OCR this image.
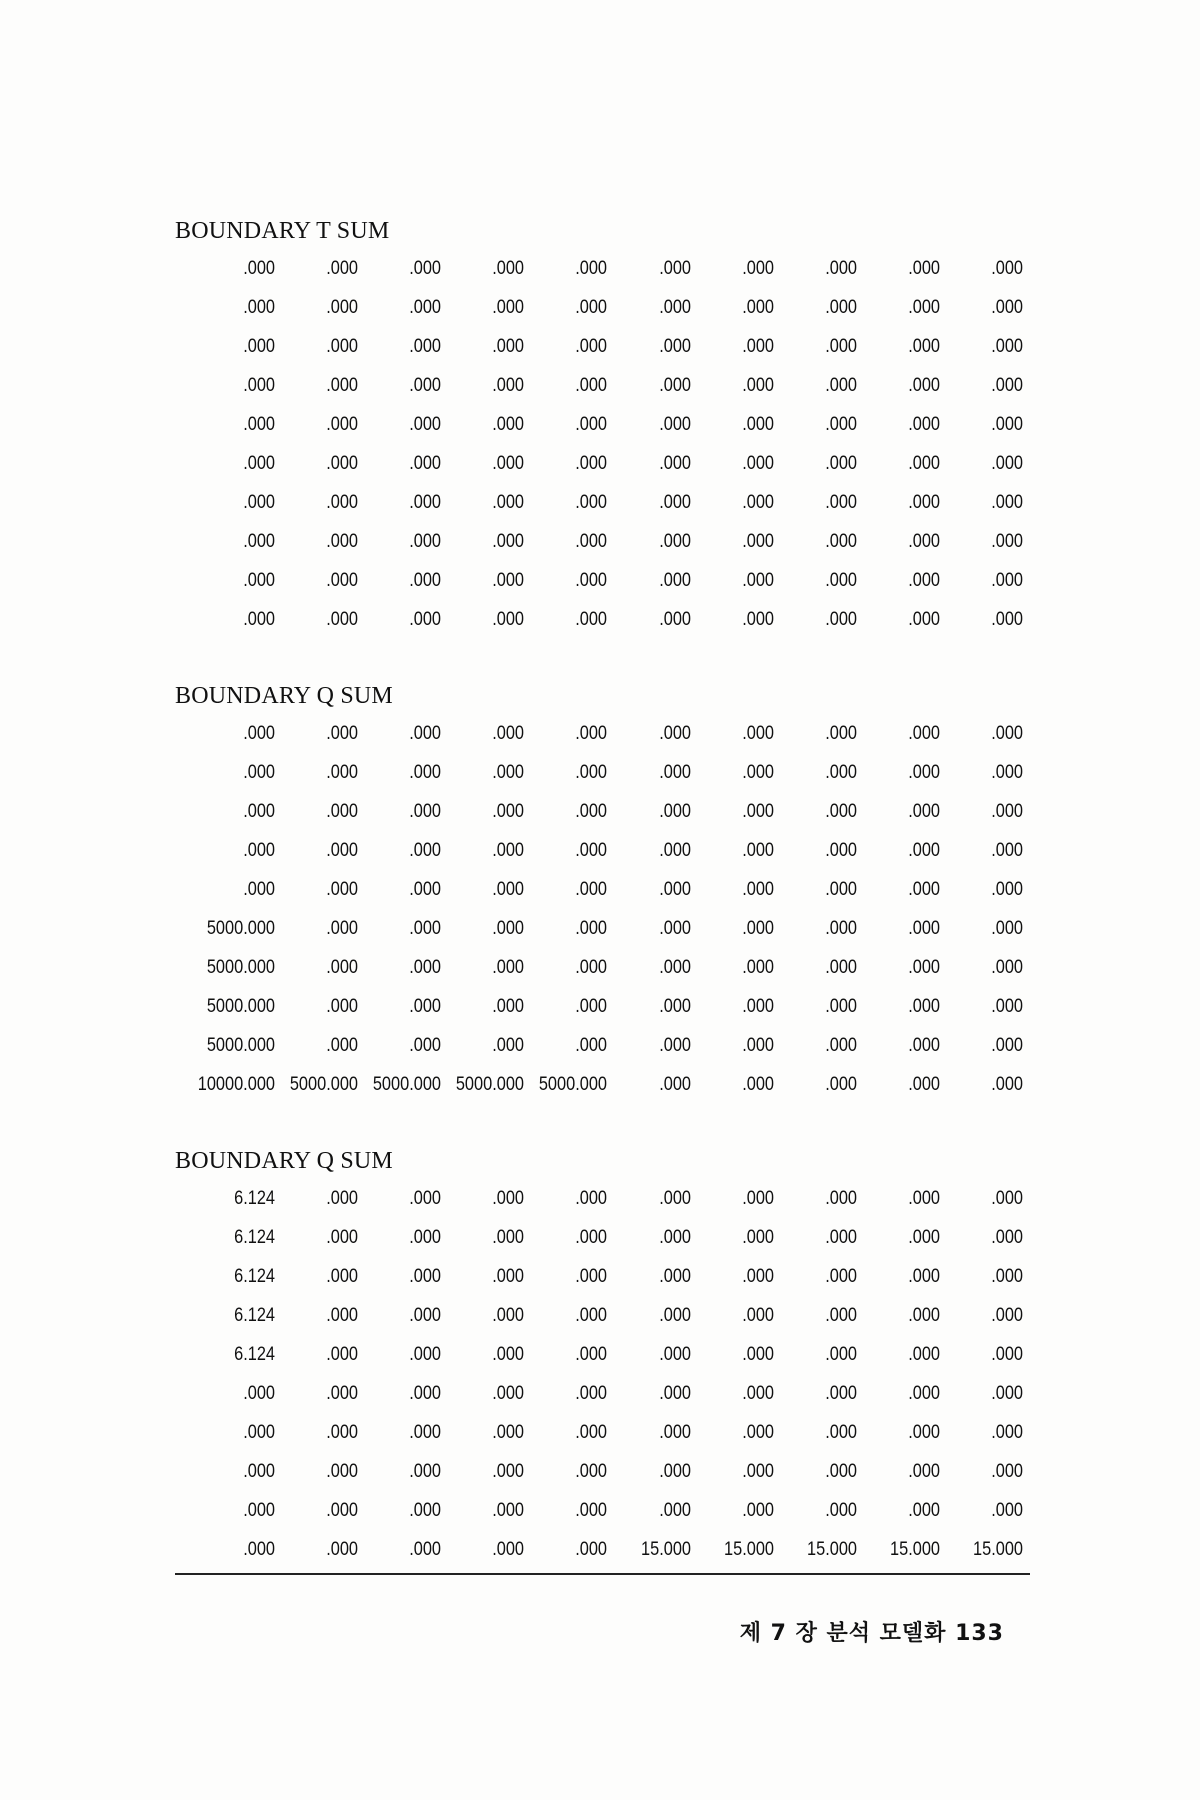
BOUNDARY T SUM
.000	.000	.000	.000	.000	.000	.000	.000	.000	.000
.000	.000	.000	.000	.000	.000	.000	.000	.000	.000
.000	.000	.000	.000	.000	.000	.000	.000	.000	.000
.000	.000	.000	.000	.000	.000	.000	.000	.000	.000
.000	.000	.000	.000	.000	.000	.000	.000	.000	.000
.000	.000	.000	.000	.000	.000	.000	.000	.000	.000
.000	.000	.000	.000	.000	.000	.000	.000	.000	.000
.000	.000	.000	.000	.000	.000	.000	.000	.000	.000
.000	.000	.000	.000	.000	.000	.000	.000	.000	.000
.000	.000	.000	.000	.000	.000	.000	.000	.000	.000
BOUNDARY Q SUM
.000	.000	.000	.000	.000	.000	.000	.000	.000	.000
.000	.000	.000	.000	.000	.000	.000	.000	.000	.000
.000	.000	.000	.000	.000	.000	.000	.000	.000	.000
.000	.000	.000	.000	.000	.000	.000	.000	.000	.000
.000	.000	.000	.000	.000	.000	.000	.000	.000	.000
5000.000	.000	.000	.000	.000	.000	.000	.000	.000	.000
5000.000	.000	.000	.000	.000	.000	.000	.000	.000	.000
5000.000	.000	.000	.000	.000	.000	.000	.000	.000	.000
5000.000	.000	.000	.000	.000	.000	.000	.000	.000	.000
10000.000 5000.000 5000.000 5000.000 5000.000	.000	.000	.000	.000	.000
BOUNDARY Q SUM
6.124	.000	.000	.000	.000	.000	.000	.000	.000	.000
6.124	.000	.000	.000	.000	.000	.000	.000	.000	.000
6.124	.000	.000	.000	.000	.000	.000	.000	.000	.000
6.124	.000	.000	.000	.000	.000	.000	.000	.000	.000
6.124	.000	.000	.000	.000	.000	.000	.000	.000	.000
.000	.000	.000	.000	.000	.000	.000	.000	.000	.000
.000	.000	.000	.000	.000	.000	.000	.000	.000	.000
.000	.000	.000	.000	.000	.000	.000	.000	.000	.000
.000	.000	.000	.000	.000	.000	.000	.000	.000	.000
.000	.000	.000	.000	.000	15.000	15.000	15.000	15.000	15.000
제 7 장 분석 모델화 133
